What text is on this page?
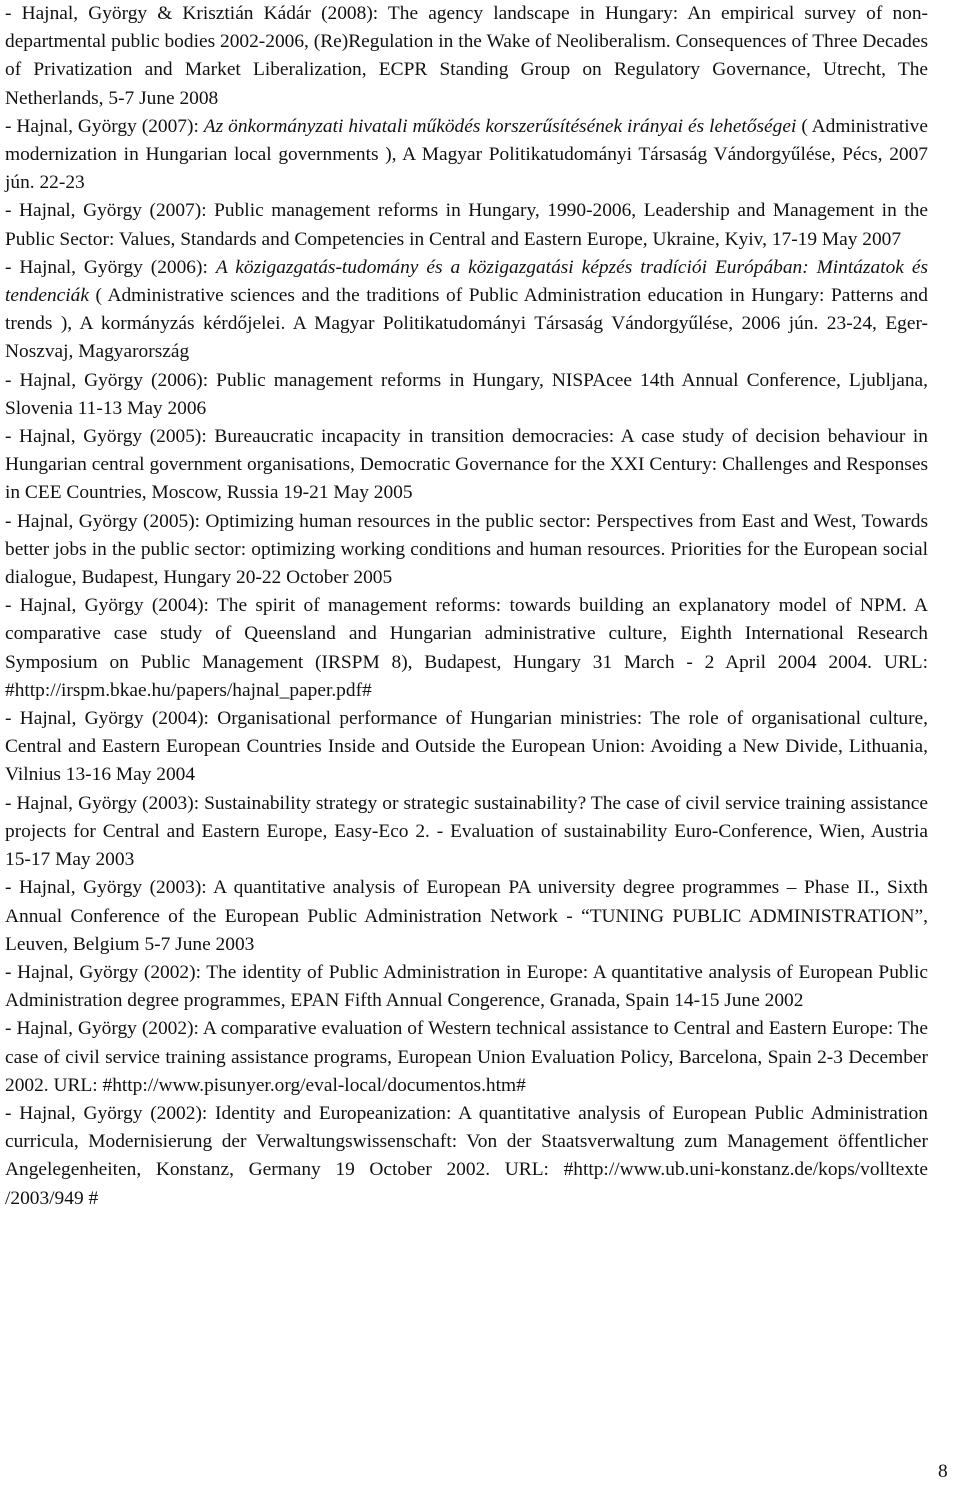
- Hajnal, György & Krisztián Kádár (2008): The agency landscape in Hungary: An empirical survey of non-departmental public bodies 2002-2006, (Re)Regulation in the Wake of Neoliberalism. Consequences of Three Decades of Privatization and Market Liberalization, ECPR Standing Group on Regulatory Governance, Utrecht, The Netherlands, 5-7 June 2008

- Hajnal, György (2007): Az önkormányzati hivatali működés korszerűsítésének irányai és lehetőségei ( Administrative modernization in Hungarian local governments ), A Magyar Politikatudományi Társaság Vándorgyűlése, Pécs, 2007 jún. 22-23

- Hajnal, György (2007): Public management reforms in Hungary, 1990-2006, Leadership and Management in the Public Sector: Values, Standards and Competencies in Central and Eastern Europe, Ukraine, Kyiv, 17-19 May 2007

- Hajnal, György (2006): A közigazgatás-tudomány és a közigazgatási képzés tradíciói Európában: Mintázatok és tendenciák ( Administrative sciences and the traditions of Public Administration education in Hungary: Patterns and trends ), A kormányzás kérdőjelei. A Magyar Politikatudományi Társaság Vándorgyűlése, 2006 jún. 23-24, Eger-Noszvaj, Magyarország

- Hajnal, György (2006): Public management reforms in Hungary, NISPAcee 14th Annual Conference, Ljubljana, Slovenia 11-13 May 2006

- Hajnal, György (2005): Bureaucratic incapacity in transition democracies: A case study of decision behaviour in Hungarian central government organisations, Democratic Governance for the XXI Century: Challenges and Responses in CEE Countries, Moscow, Russia 19-21 May 2005

- Hajnal, György (2005): Optimizing human resources in the public sector: Perspectives from East and West, Towards better jobs in the public sector: optimizing working conditions and human resources. Priorities for the European social dialogue, Budapest, Hungary 20-22 October 2005

- Hajnal, György (2004): The spirit of management reforms: towards building an explanatory model of NPM. A comparative case study of Queensland and Hungarian administrative culture, Eighth International Research Symposium on Public Management (IRSPM 8), Budapest, Hungary 31 March - 2 April 2004 2004. URL: #http://irspm.bkae.hu/papers/hajnal_paper.pdf#

- Hajnal, György (2004): Organisational performance of Hungarian ministries: The role of organisational culture, Central and Eastern European Countries Inside and Outside the European Union: Avoiding a New Divide, Lithuania, Vilnius 13-16 May 2004

- Hajnal, György (2003): Sustainability strategy or strategic sustainability? The case of civil service training assistance projects for Central and Eastern Europe, Easy-Eco 2. - Evaluation of sustainability Euro-Conference, Wien, Austria 15-17 May 2003

- Hajnal, György (2003): A quantitative analysis of European PA university degree programmes – Phase II., Sixth Annual Conference of the European Public Administration Network - “TUNING PUBLIC ADMINISTRATION”, Leuven, Belgium 5-7 June 2003

- Hajnal, György (2002): The identity of Public Administration in Europe: A quantitative analysis of European Public Administration degree programmes, EPAN Fifth Annual Congerence, Granada, Spain 14-15 June 2002

- Hajnal, György (2002): A comparative evaluation of Western technical assistance to Central and Eastern Europe: The case of civil service training assistance programs, European Union Evaluation Policy, Barcelona, Spain 2-3 December 2002. URL: #http://www.pisunyer.org/eval-local/documentos.htm#

- Hajnal, György (2002): Identity and Europeanization: A quantitative analysis of European Public Administration curricula, Modernisierung der Verwaltungswissenschaft: Von der Staatsverwaltung zum Management öffentlicher Angelegenheiten, Konstanz, Germany 19 October 2002. URL: #http://www.ub.uni-konstanz.de/kops/volltexte /2003/949 #

8
